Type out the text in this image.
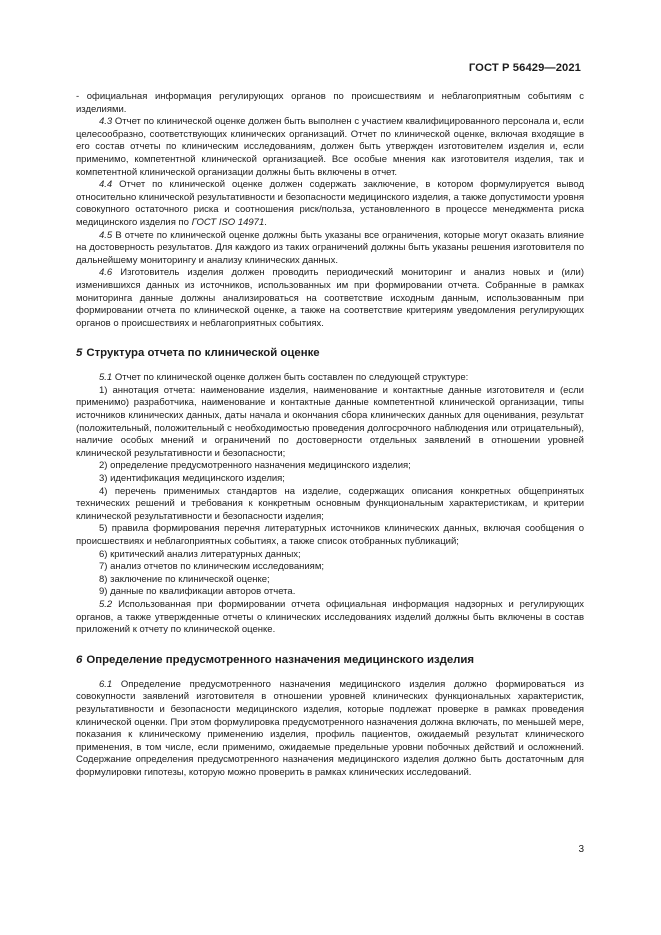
ГОСТ Р 56429—2021

- официальная информация регулирующих органов по происшествиям и неблагоприятным событиям с изделиями.

4.3 Отчет по клинической оценке должен быть выполнен с участием квалифицированного персонала и, если целесообразно, соответствующих клинических организаций. Отчет по клинической оценке, включая входящие в его состав отчеты по клиническим исследованиям, должен быть утвержден изготовителем изделия и, если применимо, компетентной клинической организацией. Все особые мнения как изготовителя изделия, так и компетентной клинической организации должны быть включены в отчет.

4.4 Отчет по клинической оценке должен содержать заключение, в котором формулируется вывод относительно клинической результативности и безопасности медицинского изделия, а также допустимости уровня совокупного остаточного риска и соотношения риск/польза, установленного в процессе менеджмента риска медицинского изделия по ГОСТ ISO 14971.

4.5 В отчете по клинической оценке должны быть указаны все ограничения, которые могут оказать влияние на достоверность результатов. Для каждого из таких ограничений должны быть указаны решения изготовителя по дальнейшему мониторингу и анализу клинических данных.

4.6 Изготовитель изделия должен проводить периодический мониторинг и анализ новых и (или) изменившихся данных из источников, использованных им при формировании отчета. Собранные в рамках мониторинга данные должны анализироваться на соответствие исходным данным, использованным при формировании отчета по клинической оценке, а также на соответствие критериям уведомления регулирующих органов о происшествиях и неблагоприятных событиях.

5 Структура отчета по клинической оценке

5.1 Отчет по клинической оценке должен быть составлен по следующей структуре:

1) аннотация отчета: наименование изделия, наименование и контактные данные изготовителя и (если применимо) разработчика, наименование и контактные данные компетентной клинической организации, типы источников клинических данных, даты начала и окончания сбора клинических данных для оценивания, результат (положительный, положительный с необходимостью проведения долгосрочного наблюдения или отрицательный), наличие особых мнений и ограничений по достоверности отдельных заявлений в отношении уровней клинической результативности и безопасности;

2) определение предусмотренного назначения медицинского изделия;

3) идентификация медицинского изделия;

4) перечень применимых стандартов на изделие, содержащих описания конкретных общепринятых технических решений и требования к конкретным основным функциональным характеристикам, и критерии клинической результативности и безопасности изделия;

5) правила формирования перечня литературных источников клинических данных, включая сообщения о происшествиях и неблагоприятных событиях, а также список отобранных публикаций;

6) критический анализ литературных данных;

7) анализ отчетов по клиническим исследованиям;

8) заключение по клинической оценке;

9) данные по квалификации авторов отчета.

5.2 Использованная при формировании отчета официальная информация надзорных и регулирующих органов, а также утвержденные отчеты о клинических исследованиях изделий должны быть включены в состав приложений к отчету по клинической оценке.

6 Определение предусмотренного назначения медицинского изделия

6.1 Определение предусмотренного назначения медицинского изделия должно формироваться из совокупности заявлений изготовителя в отношении уровней клинических функциональных характеристик, результативности и безопасности медицинского изделия, которые подлежат проверке в рамках проведения клинической оценки. При этом формулировка предусмотренного назначения должна включать, по меньшей мере, показания к клиническому применению изделия, профиль пациентов, ожидаемый результат клинического применения, в том числе, если применимо, ожидаемые предельные уровни побочных действий и осложнений. Содержание определения предусмотренного назначения медицинского изделия должно быть достаточным для формулировки гипотезы, которую можно проверить в рамках клинических исследований.

3
